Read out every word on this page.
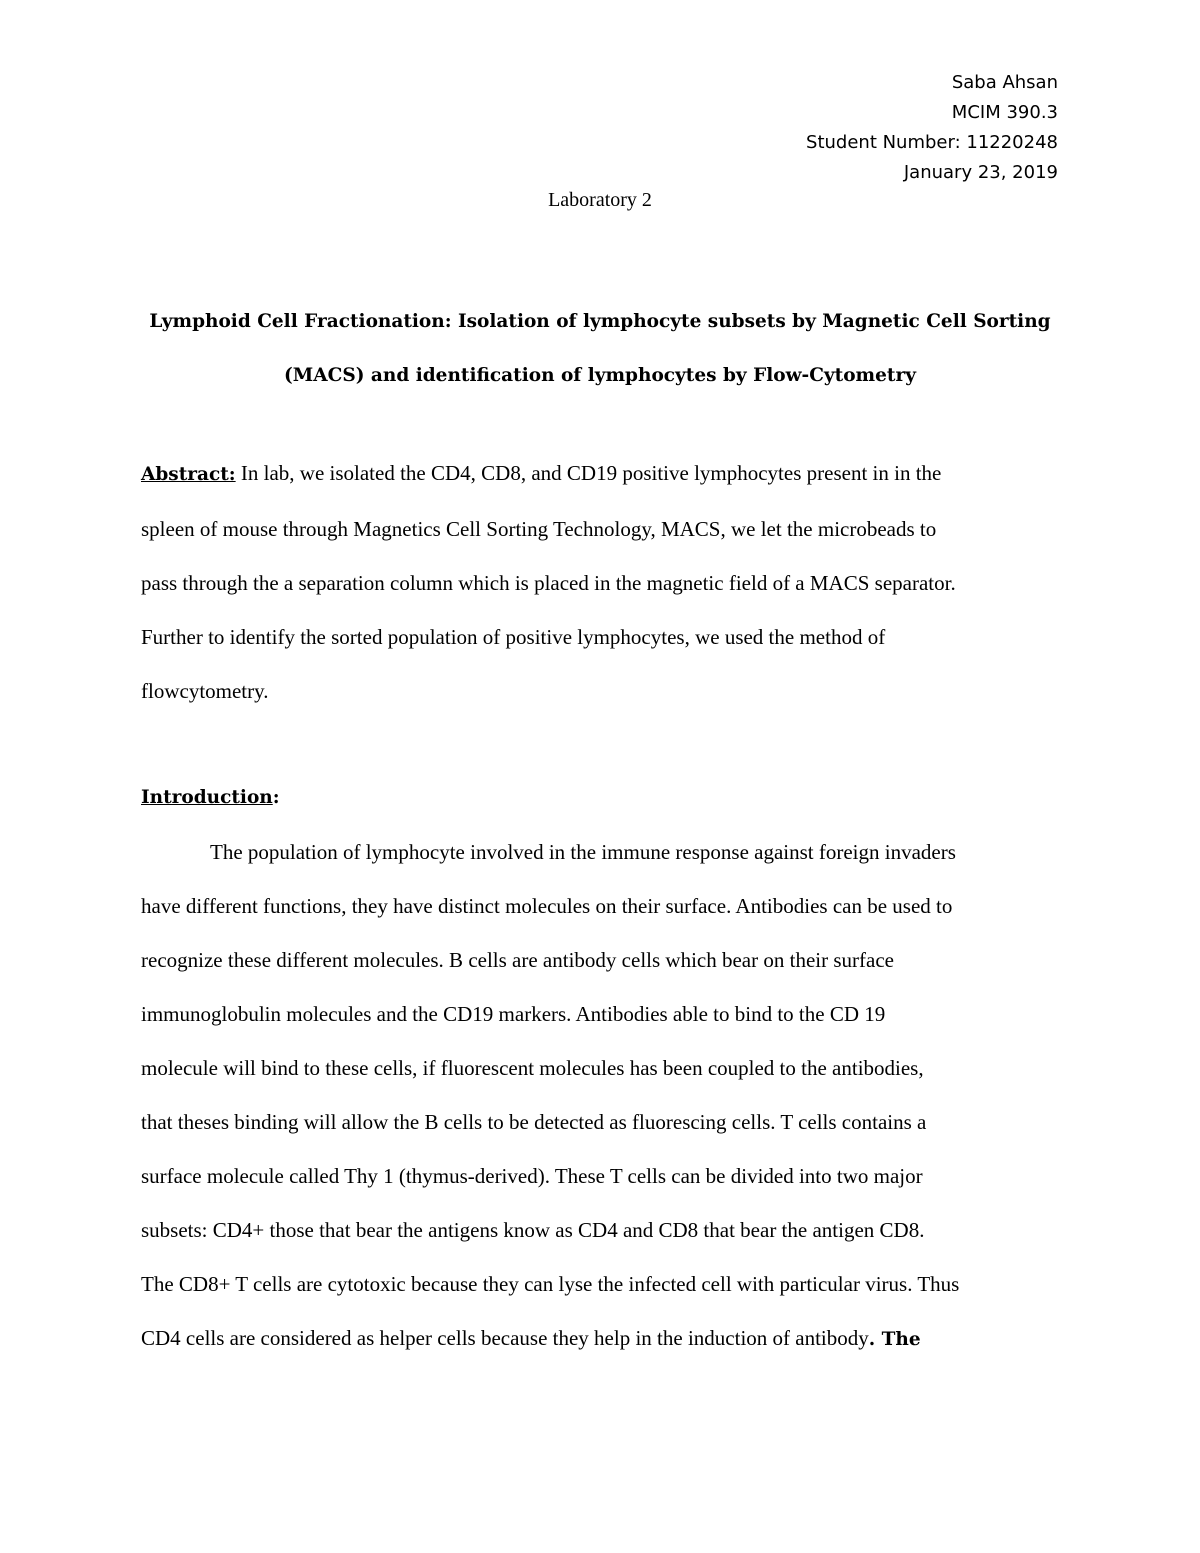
Saba Ahsan
MCIM 390.3
Student Number: 11220248
January 23, 2019
Laboratory 2
Lymphoid Cell Fractionation: Isolation of lymphocyte subsets by Magnetic Cell Sorting
(MACS) and identification of lymphocytes by Flow-Cytometry
Abstract: In lab, we isolated the CD4, CD8, and CD19 positive lymphocytes present in in the
spleen of mouse through Magnetics Cell Sorting Technology, MACS, we let the microbeads to
pass through the a separation column which is placed in the magnetic field of a MACS separator.
Further to identify the sorted population of positive lymphocytes, we used the method of
flowcytometry.
Introduction:
The population of lymphocyte involved in the immune response against foreign invaders
have different functions, they have distinct molecules on their surface. Antibodies can be used to
recognize these different molecules. B cells are antibody cells which bear on their surface
immunoglobulin molecules and the CD19 markers. Antibodies able to bind to the CD 19
molecule will bind to these cells, if fluorescent molecules has been coupled to the antibodies,
that theses binding will allow the B cells to be detected as fluorescing cells. T cells contains a
surface molecule called Thy 1 (thymus-derived). These T cells can be divided into two major
subsets: CD4+ those that bear the antigens know as CD4 and CD8 that bear the antigen CD8.
The CD8+ T cells are cytotoxic because they can lyse the infected cell with particular virus. Thus
CD4 cells are considered as helper cells because they help in the induction of antibody. The
